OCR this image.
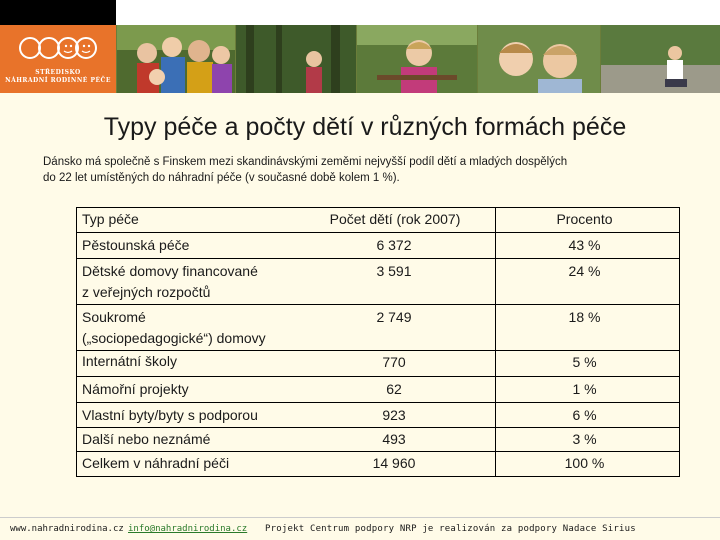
STŘEDISKO
NÁHRADNÍ RODINNÉ PÉČE
Typy péče a počty dětí v různých formách péče
Dánsko má společně s Finskem mezi skandinávskými zeměmi nejvyšší podíl dětí a mladých dospělých
do 22 let umístěných do náhradní péče (v současné době kolem 1 %).
Typ péče	Počet dětí (rok 2007)	Procento
Pěstounská péče	6 372	43 %
Dětské domovy financované
z veřejných rozpočtů
3 591	24 %
Soukromé
(„sociopedagogické“) domovy
2 749	18 %
Internátní školy	770	5 %
Námořní projekty	62	1 %
Vlastní byty/byty s podporou	923	6 %
Další nebo neznámé	493	3 %
Celkem v náhradní péči	14 960	100 %
www.nahradnirodina.cz info@nahradnirodina.cz Projekt Centrum podpory NRP je realizován za podpory Nadace Sirius
